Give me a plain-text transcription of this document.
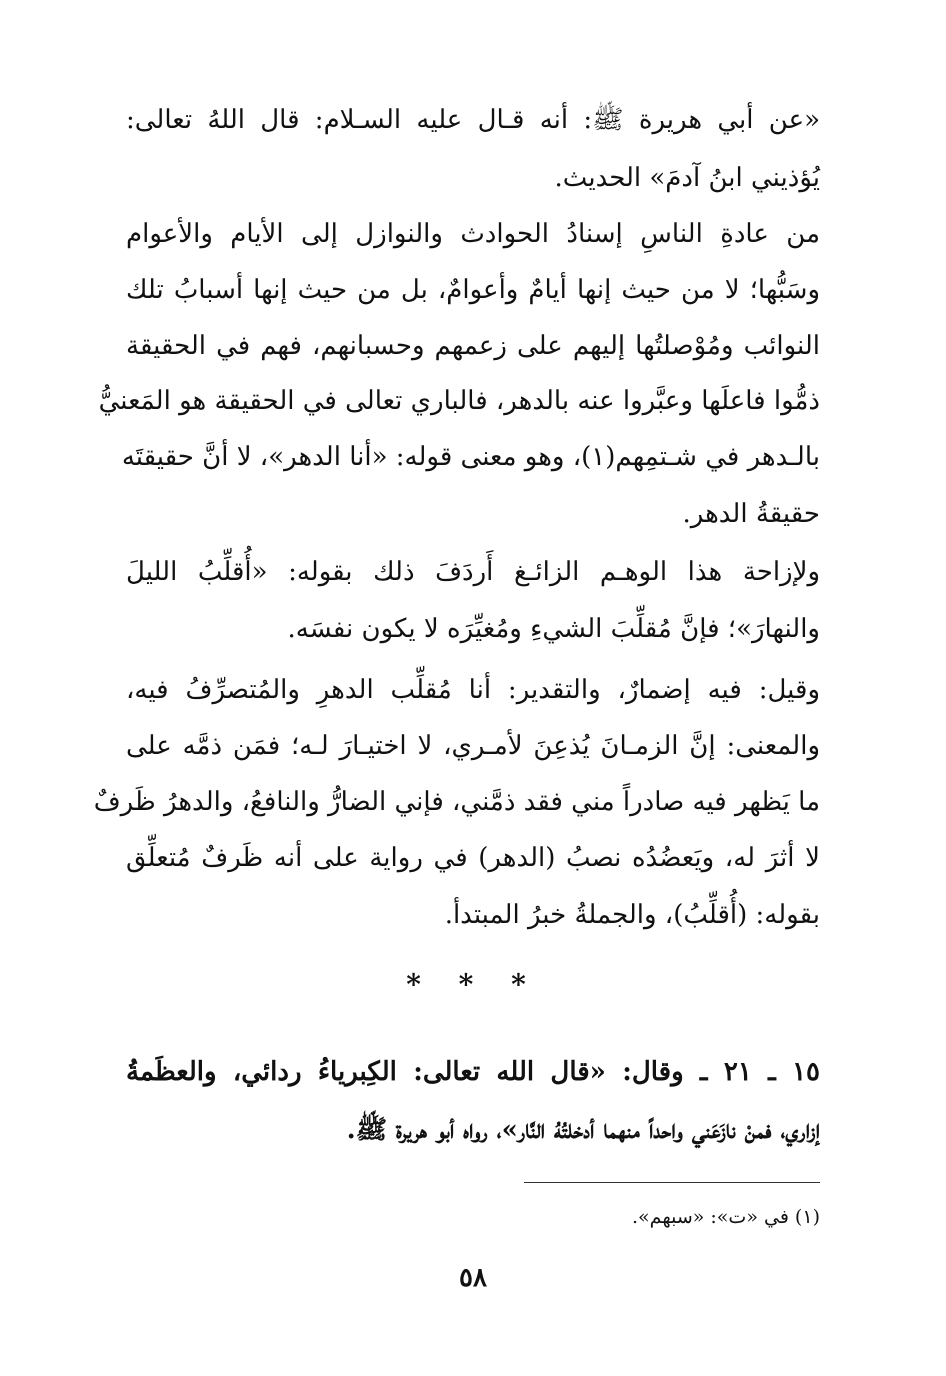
«عن أبي هريرة ﷺ: أنه قـال عليه السـلام: قال اللهُ تعالى:
يُؤذيني ابنُ آدمَ» الحديث.
من عادةِ الناسِ إسنادُ الحوادث والنوازل إلى الأيام والأعوام
وسَبُّها؛ لا من حيث إنها أيامٌ وأعوامٌ، بل من حيث إنها أسبابُ تلك
النوائب ومُوْصلتُها إليهم على زعمهم وحسبانهم، فهم في الحقيقة
ذمُّوا فاعلَها وعبَّروا عنه بالدهر، فالباري تعالى في الحقيقة هو المَعنيُّ
بالـدهر في شـتمِهم(١)، وهو معنى قوله: «أنا الدهر»، لا أنَّ حقيقتَه
حقيقةُ الدهر.
ولإزاحة هذا الوهـم الزائـغ أَردَفَ ذلك بقوله: «أُقلِّبُ الليلَ
والنهارَ»؛ فإنَّ مُقلِّبَ الشيءِ ومُغيِّرَه لا يكون نفسَه.
وقيل: فيه إضمارٌ، والتقدير: أنا مُقلِّب الدهرِ والمُتصرِّفُ فيه،
والمعنى: إنَّ الزمـانَ يُذعِنَ لأمـري، لا اختيـارَ لـه؛ فمَن ذمَّه على
ما يَظهر فيه صادراً مني فقد ذمَّني، فإني الضارُّ والنافعُ، والدهرُ ظَرفٌ
لا أثرَ له، ويَعضُدُه نصبُ (الدهر) في رواية على أنه ظَرفٌ مُتعلِّق
بقوله: (أُقلِّبُ)، والجملةُ خبرُ المبتدأ.
* * *
١٥ ـ ٢١ ـ وقال: «قال الله تعالى: الكِبرياءُ ردائي، والعظَمةُ
إزاري، فمنْ نازَعَني واحداً منهما أدخلتُهُ النَّار»، رواه أبو هريرة ﷺ.
(١) في «ت»: «سبهم».
٥٨
